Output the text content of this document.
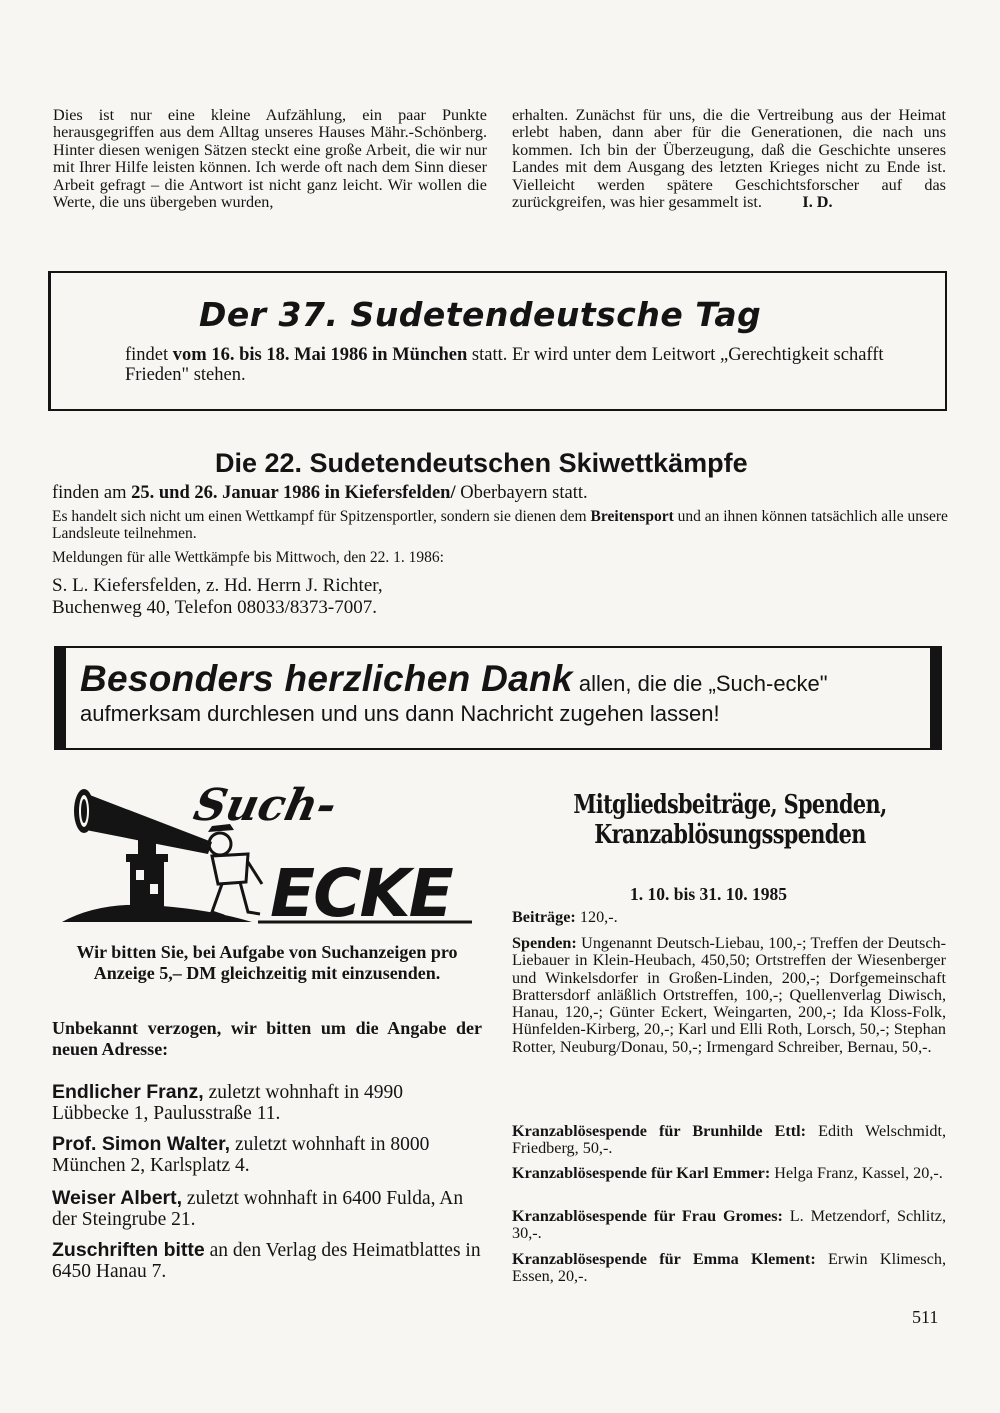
Dies ist nur eine kleine Aufzählung, ein paar Punkte herausgegriffen aus dem Alltag unseres Hauses Mähr.-Schönberg. Hinter diesen wenigen Sätzen steckt eine große Arbeit, die wir nur mit Ihrer Hilfe leisten können. Ich werde oft nach dem Sinn dieser Arbeit gefragt – die Antwort ist nicht ganz leicht. Wir wollen die Werte, die uns übergeben wurden,

erhalten. Zunächst für uns, die die Vertreibung aus der Heimat erlebt haben, dann aber für die Generationen, die nach uns kommen. Ich bin der Überzeugung, daß die Geschichte unseres Landes mit dem Ausgang des letzten Krieges nicht zu Ende ist. Vielleicht werden spätere Geschichtsforscher auf das zurückgreifen, was hier gesammelt ist. I. D.

Der 37. Sudetendeutsche Tag
findet vom 16. bis 18. Mai 1986 in München statt. Er wird unter dem Leitwort „Gerechtigkeit schafft Frieden" stehen.
Die 22. Sudetendeutschen Skiwettkämpfe
finden am 25. und 26. Januar 1986 in Kiefersfelden/ Oberbayern statt.
Es handelt sich nicht um einen Wettkampf für Spitzensportler, sondern sie dienen dem Breitensport und an ihnen können tatsächlich alle unsere Landsleute teilnehmen.
Meldungen für alle Wettkämpfe bis Mittwoch, den 22. 1. 1986:
S. L. Kiefersfelden, z. Hd. Herrn J. Richter,
Buchenweg 40, Telefon 08033/8373-7007.
Besonders herzlichen Dank allen, die die „Such-ecke" aufmerksam durchlesen und uns dann Nachricht zugehen lassen!
Such-
ECKE
Wir bitten Sie, bei Aufgabe von Suchanzeigen pro Anzeige 5,– DM gleichzeitig mit einzusenden.
Unbekannt verzogen, wir bitten um die Angabe der neuen Adresse:
Endlicher Franz, zuletzt wohnhaft in 4990 Lübbecke 1, Paulusstraße 11.
Prof. Simon Walter, zuletzt wohnhaft in 8000 München 2, Karlsplatz 4.
Weiser Albert, zuletzt wohnhaft in 6400 Fulda, An der Steingrube 21.
Zuschriften bitte an den Verlag des Heimatblattes in 6450 Hanau 7.
Mitgliedsbeiträge, Spenden,
Kranzablösungsspenden
1. 10. bis 31. 10. 1985
Beiträge: 120,-.
Spenden: Ungenannt Deutsch-Liebau, 100,-; Treffen der Deutsch-Liebauer in Klein-Heubach, 450,50; Ortstreffen der Wiesenberger und Winkelsdorfer in Großen-Linden, 200,-; Dorfgemeinschaft Brattersdorf anläßlich Ortstreffen, 100,-; Quellenverlag Diwisch, Hanau, 120,-; Günter Eckert, Weingarten, 200,-; Ida Kloss-Folk, Hünfelden-Kirberg, 20,-; Karl und Elli Roth, Lorsch, 50,-; Stephan Rotter, Neuburg/Donau, 50,-; Irmengard Schreiber, Bernau, 50,-.
Kranzablösespende für Brunhilde Ettl: Edith Welschmidt, Friedberg, 50,-.
Kranzablösespende für Karl Emmer: Helga Franz, Kassel, 20,-.
Kranzablösespende für Frau Gromes: L. Metzendorf, Schlitz, 30,-.
Kranzablösespende für Emma Klement: Erwin Klimesch, Essen, 20,-.
511
